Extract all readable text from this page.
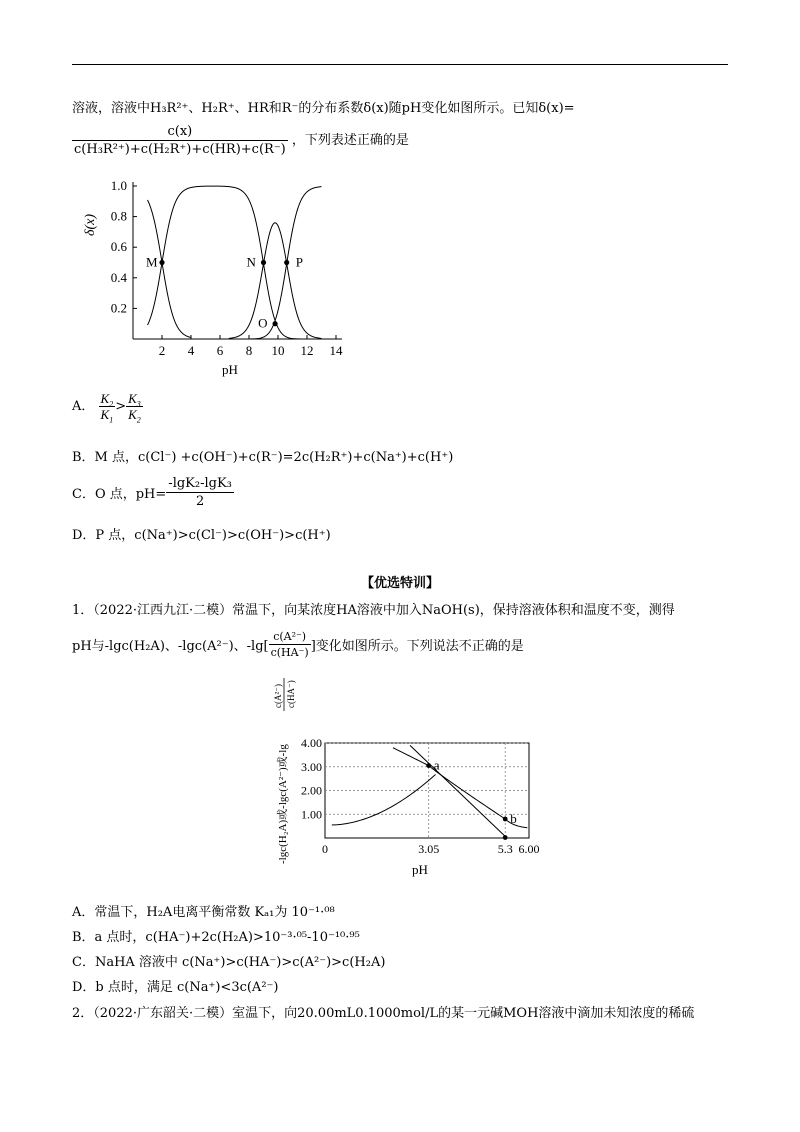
溶液，溶液中H₃R²⁺、H₂R⁺、HR和R⁻的分布系数δ(x)随pH变化如图所示。已知δ(x)=
$\frac{c(x)}{\text{c(H₃R²⁺)+c(H₂R⁺)+c(HR)+c(R⁻)}}$ ，下列表述正确的是
1.0
0.8
0.6
0.4
0.2
2 4 6 8 10 12 14
M	N	P
O
δ(x)
pH
A． $\frac{K_2}{K_1} > \frac{K_3}{K_2}$
B．M 点，c(Cl⁻) +c(OH⁻)+c(R⁻)=2c(H₂R⁺)+c(Na⁺)+c(H⁺)
C．O 点，$pH= \frac{\text{-lgK₂-lgK₃}}{2}$
D．P 点，c(Na⁺)>c(Cl⁻)>c(OH⁻)>c(H⁺)
【优选特训】
1．（2022·江西九江·二模）常温下，向某浓度HA溶液中加入NaOH(s)，保持溶液体积和温度不变，测得
pH与-lgc(H₂A)、-lgc(A²⁻)、$-\lg[ \frac{\text{c(A²⁻)}}{c(HA^-)}$ ]变化如图所示。下列说法不正确的是
4.00
3.00
2.00
1.00
0	3.05	5.3 6.00
a
b
-lgc(H₂A)或-lgc(A²⁻)或-lg
c(A²⁻) c(HA⁻)
pH
A．常温下，H₂A电离平衡常数 Kₐ₁为 10⁻¹·⁰⁸
B．a 点时，c(HA⁻)+2c(H₂A)>10⁻³·⁰⁵-10⁻¹⁰·⁹⁵
C．NaHA 溶液中 c(Na⁺)>c(HA⁻)>c(A²⁻)>c(H₂A)
D．b 点时，满足 c(Na⁺)<3c(A²⁻)
2．（2022·广东韶关·二模）室温下，向20.00mL0.1000mol/L的某一元碱MOH溶液中滴加未知浓度的稀硫
